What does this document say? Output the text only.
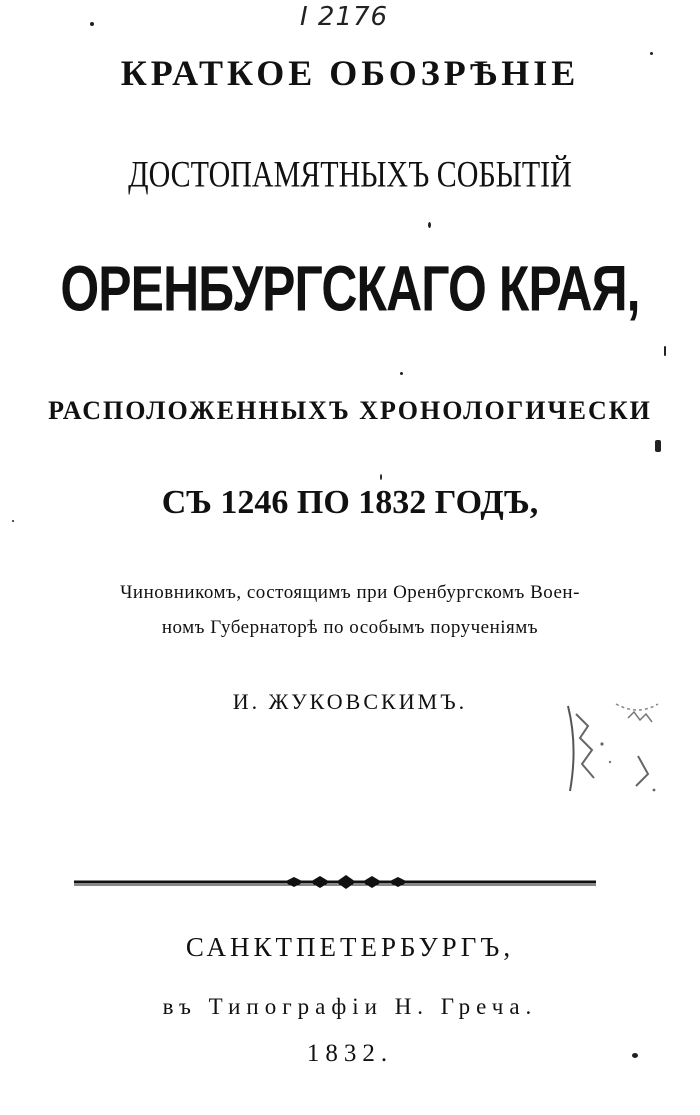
I 2176
КРАТКОЕ ОБОЗРѢНІЕ
ДОСТОПАМЯТНЫХЪ СОБЫТІЙ
ОРЕНБУРГСКАГО КРАЯ,
РАСПОЛОЖЕННЫХЪ ХРОНОЛОГИЧЕСКИ
СЪ 1246 ПО 1832 ГОДЪ,
Чиновникомъ, состоящимъ при Оренбургскомъ Воен-
номъ Губернаторѣ по особымъ порученіямъ
И. ЖУКОВСКИМЪ.
САНКТПЕТЕРБУРГЪ,
въ Типографіи Н. Греча.
1832.
